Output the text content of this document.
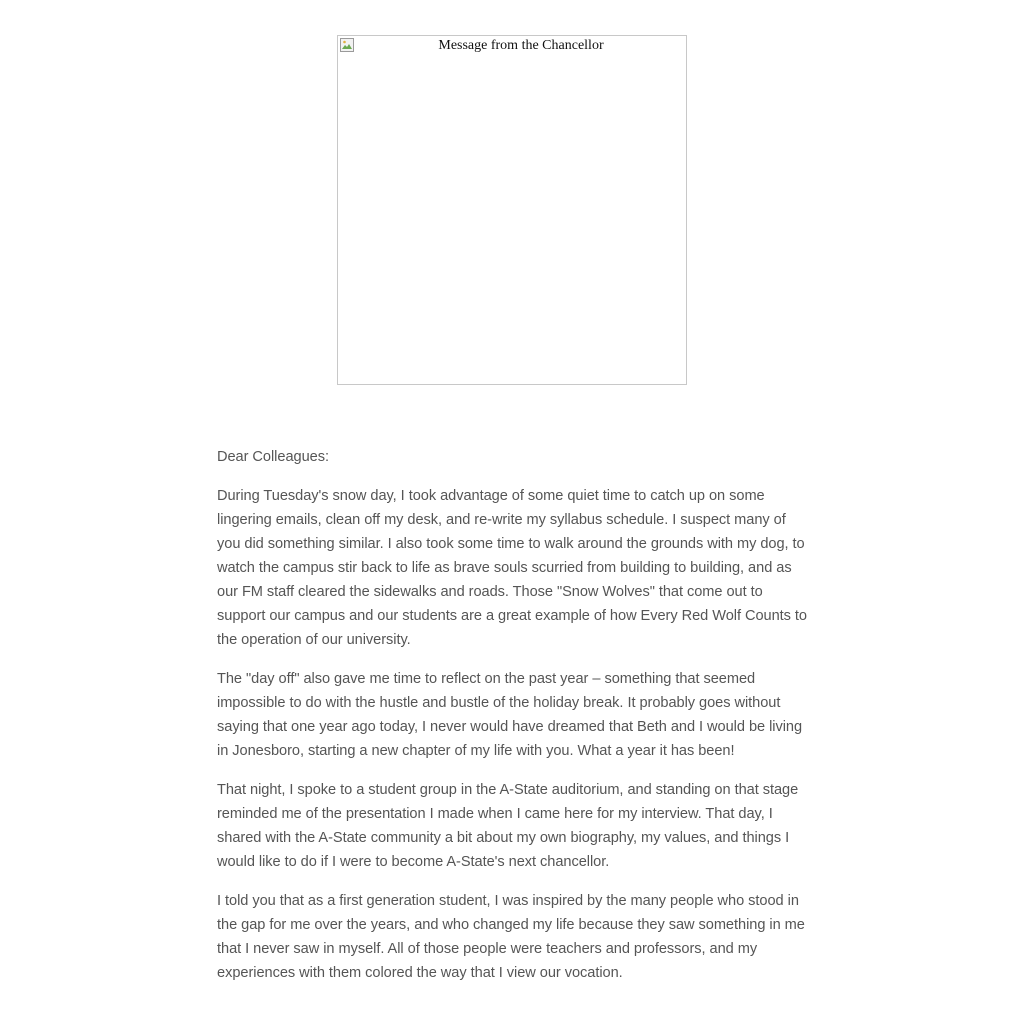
Message from the Chancellor

Dear Colleagues:

During Tuesday's snow day, I took advantage of some quiet time to catch up on some lingering emails, clean off my desk, and re-write my syllabus schedule. I suspect many of you did something similar. I also took some time to walk around the grounds with my dog, to watch the campus stir back to life as brave souls scurried from building to building, and as our FM staff cleared the sidewalks and roads. Those "Snow Wolves" that come out to support our campus and our students are a great example of how Every Red Wolf Counts to the operation of our university.

The "day off" also gave me time to reflect on the past year – something that seemed impossible to do with the hustle and bustle of the holiday break. It probably goes without saying that one year ago today, I never would have dreamed that Beth and I would be living in Jonesboro, starting a new chapter of my life with you. What a year it has been!

That night, I spoke to a student group in the A-State auditorium, and standing on that stage reminded me of the presentation I made when I came here for my interview. That day, I shared with the A-State community a bit about my own biography, my values, and things I would like to do if I were to become A-State's next chancellor.

I told you that as a first generation student, I was inspired by the many people who stood in the gap for me over the years, and who changed my life because they saw something in me that I never saw in myself. All of those people were teachers and professors, and my experiences with them colored the way that I view our vocation.
